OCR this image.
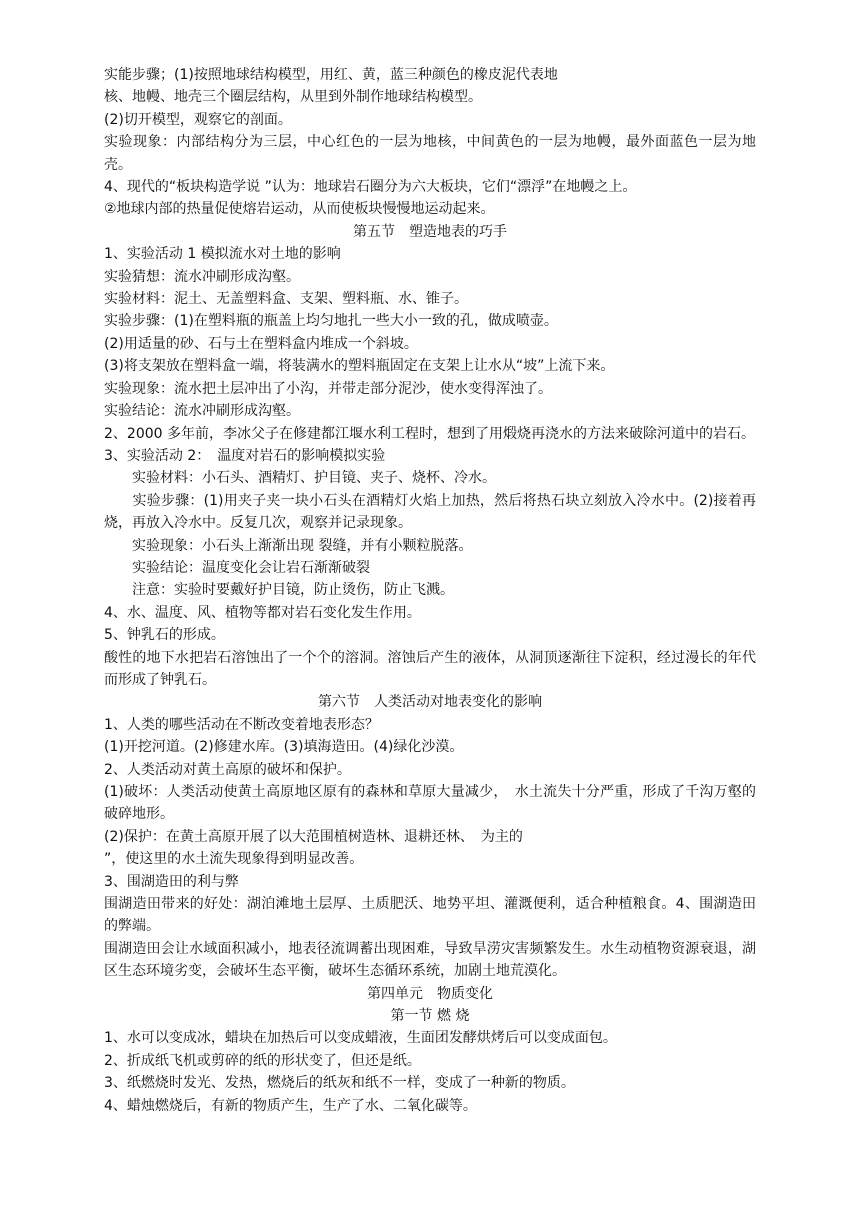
实能步骤；(1)按照地球结构模型，用红、黄，蓝三种颜色的橡皮泥代表地

核、地幔、地壳三个圈层结构，从里到外制作地球结构模型。

(2)切开模型，观察它的剖面。

实验现象：内部结构分为三层，中心红色的一层为地核，中间黄色的一层为地幔，最外面蓝色一层为地壳。

4、现代的“板块构造学说 ”认为：地球岩石圈分为六大板块，它们“漂浮”在地幔之上。

②地球内部的热量促使熔岩运动，从而使板块慢慢地运动起来。

第五节　塑造地表的巧手

1、实验活动 1 模拟流水对土地的影响

实验猜想：流水冲刷形成沟壑。

实验材料：泥土、无盖塑料盒、支架、塑料瓶、水、锥子。

实验步骤：(1)在塑料瓶的瓶盖上均匀地扎一些大小一致的孔，做成喷壶。

(2)用适量的砂、石与土在塑料盒内堆成一个斜坡。

(3)将支架放在塑料盒一端，将装满水的塑料瓶固定在支架上让水从“坡”上流下来。

实验现象：流水把土层冲出了小沟，并带走部分泥沙，使水变得浑浊了。

实验结论：流水冲刷形成沟壑。

2、2000 多年前，李冰父子在修建都江堰水利工程时，想到了用煅烧再浇水的方法来破除河道中的岩石。

3、实验活动 2：　温度对岩石的影响模拟实验

实验材料：小石头、酒精灯、护目镜、夹子、烧杯、冷水。

　　实验步骤：(1)用夹子夹一块小石头在酒精灯火焰上加热，然后将热石块立刻放入冷水中。(2)接着再烧，再放入冷水中。反复几次，观察并记录现象。

实验现象：小石头上渐渐出现 裂缝，并有小颗粒脱落。

实验结论：温度变化会让岩石渐渐破裂

注意：实验时要戴好护目镜，防止烫伤，防止飞溅。

4、水、温度、风、植物等都对岩石变化发生作用。

5、钟乳石的形成。

酸性的地下水把岩石溶蚀出了一个个的溶洞。溶蚀后产生的液体，从洞顶逐渐往下淀积，经过漫长的年代而形成了钟乳石。

第六节　人类活动对地表变化的影响

1、人类的哪些活动在不断改变着地表形态？

(1)开挖河道。(2)修建水库。(3)填海造田。(4)绿化沙漠。

2、人类活动对黄土高原的破坏和保护。

(1)破坏：人类活动使黄土高原地区原有的森林和草原大量减少，　水土流失十分严重，形成了千沟万壑的破碎地形。

(2)保护：在黄土高原开展了以大范围植树造林、退耕还林、　为主的

”，使这里的水土流失现象得到明显改善。

3、围湖造田的利与弊

围湖造田带来的好处：湖泊滩地土层厚、土质肥沃、地势平坦、灌溉便利，适合种植粮食。4、围湖造田的弊端。

围湖造田会让水域面积减小，地表径流调蓄出现困难，导致旱涝灾害频繁发生。水生动植物资源衰退，湖区生态环境劣变，会破坏生态平衡，破坏生态循环系统，加剧土地荒漠化。

第四单元　物质变化

第一节 燃 烧

1、水可以变成冰，蜡块在加热后可以变成蜡液，生面团发酵烘烤后可以变成面包。

2、折成纸飞机或剪碎的纸的形状变了，但还是纸。

3、纸燃烧时发光、发热，燃烧后的纸灰和纸不一样，变成了一种新的物质。

4、蜡烛燃烧后，有新的物质产生，生产了水、二氧化碳等。
